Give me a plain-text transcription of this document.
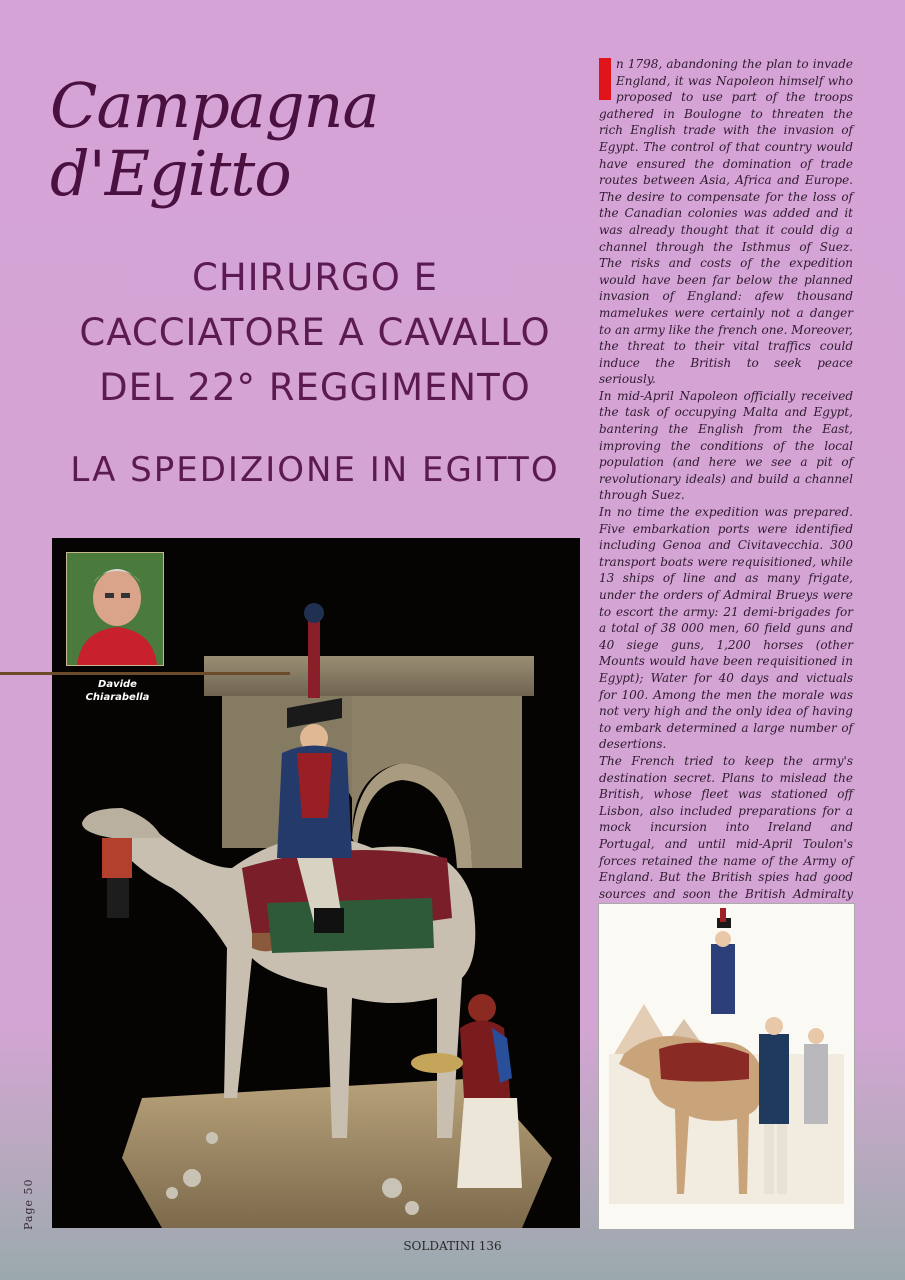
Campagna d'Egitto
CHIRURGO E
CACCIATORE A CAVALLO
DEL 22° REGGIMENTO
LA SPEDIZIONE IN EGITTO

n 1798, abandoning the plan to invade England, it was Napoleon himself who proposed to use part of the troops gathered in Boulogne to threaten the rich English trade with the invasion of Egypt. The control of that country would have ensured the domination of trade routes between Asia, Africa and Europe. The desire to compensate for the loss of the Canadian colonies was added and it was already thought that it could dig a channel through the Isthmus of Suez. The risks and costs of the expedition would have been far below the planned invasion of England: afew thousand mamelukes were certainly not a danger to an army like the french one. Moreover, the threat to their vital traffics could induce the British to seek peace seriously.

In mid-April Napoleon officially received the task of occupying Malta and Egypt, bantering the English from the East, improving the conditions of the local population (and here we see a pit of revolutionary ideals) and build a channel through Suez.

In no time the expedition was prepared. Five embarkation ports were identified including Genoa and Civitavecchia. 300 transport boats were requisitioned, while 13 ships of line and as many frigate, under the orders of Admiral Brueys were to escort the army: 21 demi-brigades for a total of 38 000 men, 60 field guns and 40 siege guns, 1,200 horses (other Mounts would have been requisitioned in Egypt); Water for 40 days and victuals for 100. Among the men the morale was not very high and the only idea of having to embark determined a large number of desertions.

The French tried to keep the army's destination secret. Plans to mislead the British, whose fleet was stationed off Lisbon, also included preparations for a mock incursion into Ireland and Portugal, and until mid-April Toulon's forces retained the name of the Army of England. But the British spies had good sources and soon the British Admiralty

Davide
Chiarabella
Page 50
SOLDATINI 136
